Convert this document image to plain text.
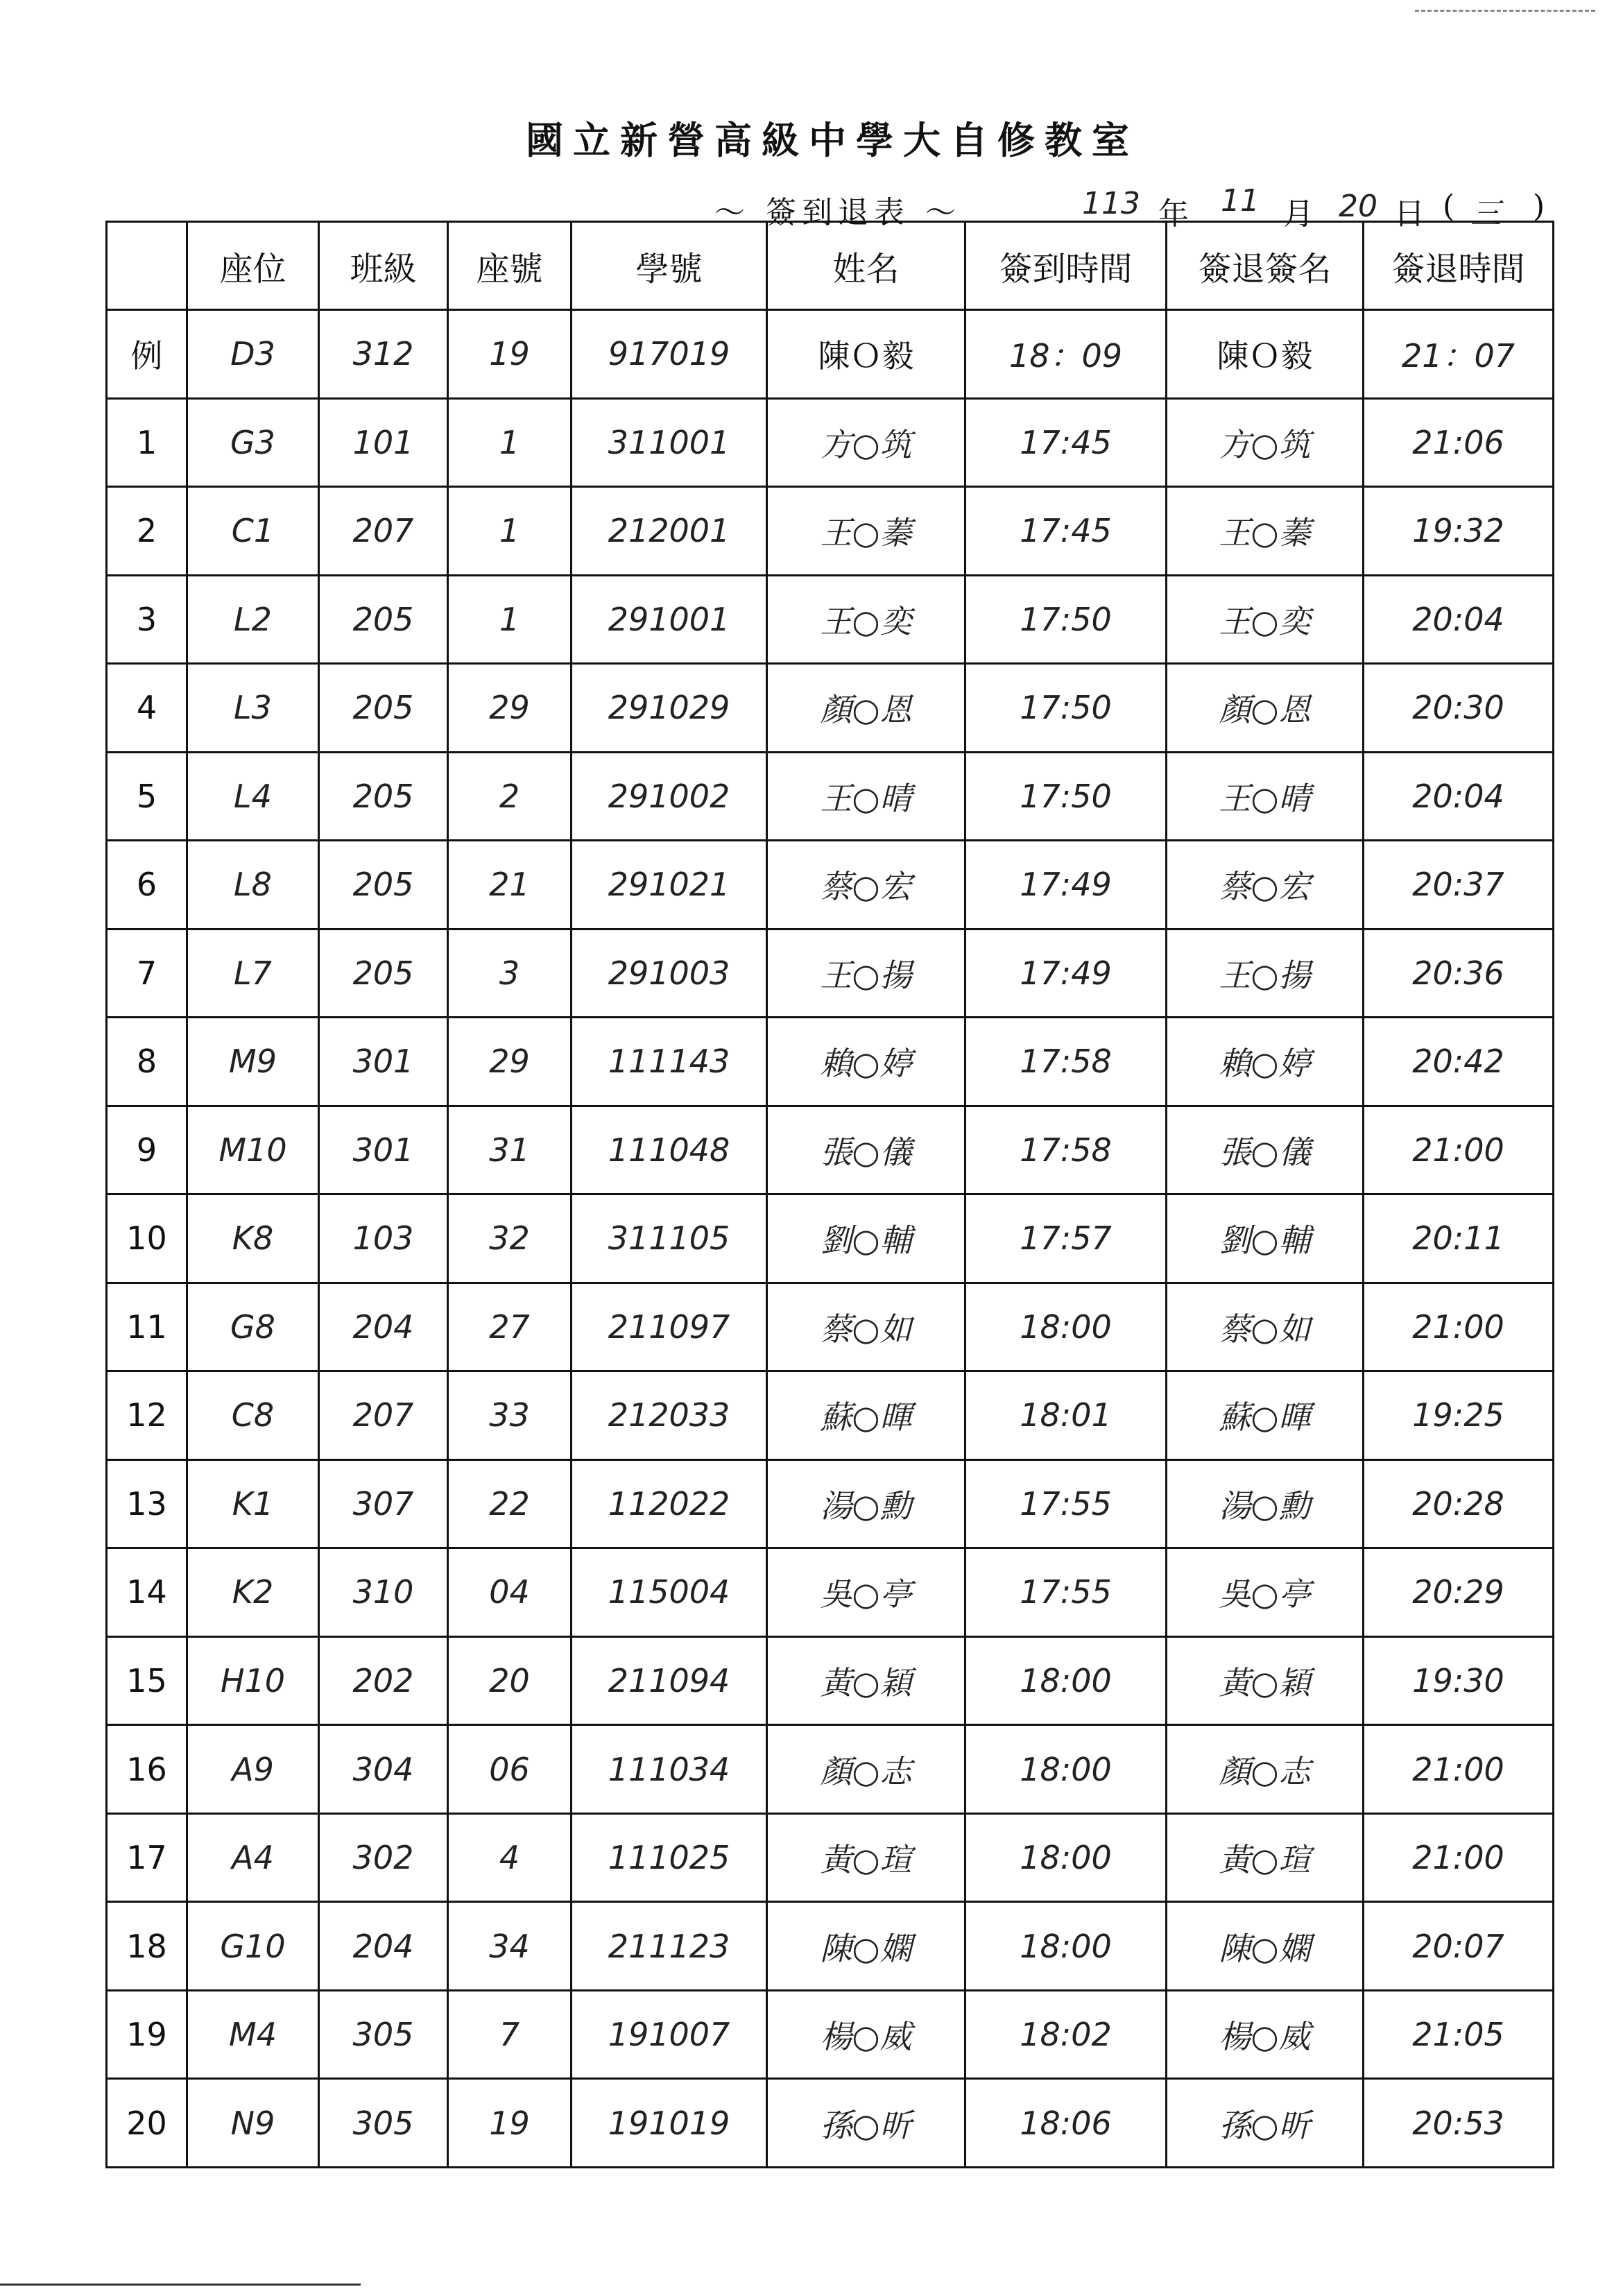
國立新營高級中學大自修教室
～ 簽到退表 ～	113 年 11 月 20 日 ( 三 )
	座位	班級	座號	學號	姓名	簽到時間	簽退簽名	簽退時間
例	D3	312	19	917019	陳Ｏ毅	18：09	陳Ｏ毅	21：07
1	G3	101	1	311001	方○筑	17:45	方○筑	21:06
2	C1	207	1	212001	王○蓁	17:45	王○蓁	19:32
3	L2	205	1	291001	王○奕	17:50	王○奕	20:04
4	L3	205	29	291029	顏○恩	17:50	顏○恩	20:30
5	L4	205	2	291002	王○晴	17:50	王○晴	20:04
6	L8	205	21	291021	蔡○宏	17:49	蔡○宏	20:37
7	L7	205	3	291003	王○揚	17:49	王○揚	20:36
8	M9	301	29	111143	賴○婷	17:58	賴○婷	20:42
9	M10	301	31	111048	張○儀	17:58	張○儀	21:00
10	K8	103	32	311105	劉○輔	17:57	劉○輔	20:11
11	G8	204	27	211097	蔡○如	18:00	蔡○如	21:00
12	C8	207	33	212033	蘇○暉	18:01	蘇○暉	19:25
13	K1	307	22	112022	湯○勳	17:55	湯○勳	20:28
14	K2	310	04	115004	吳○亭	17:55	吳○亭	20:29
15	H10	202	20	211094	黃○穎	18:00	黃○穎	19:30
16	A9	304	06	111034	顏○志	18:00	顏○志	21:00
17	A4	302	4	111025	黃○瑄	18:00	黃○瑄	21:00
18	G10	204	34	211123	陳○嫻	18:00	陳○嫻	20:07
19	M4	305	7	191007	楊○威	18:02	楊○威	21:05
20	N9	305	19	191019	孫○昕	18:06	孫○昕	20:53
